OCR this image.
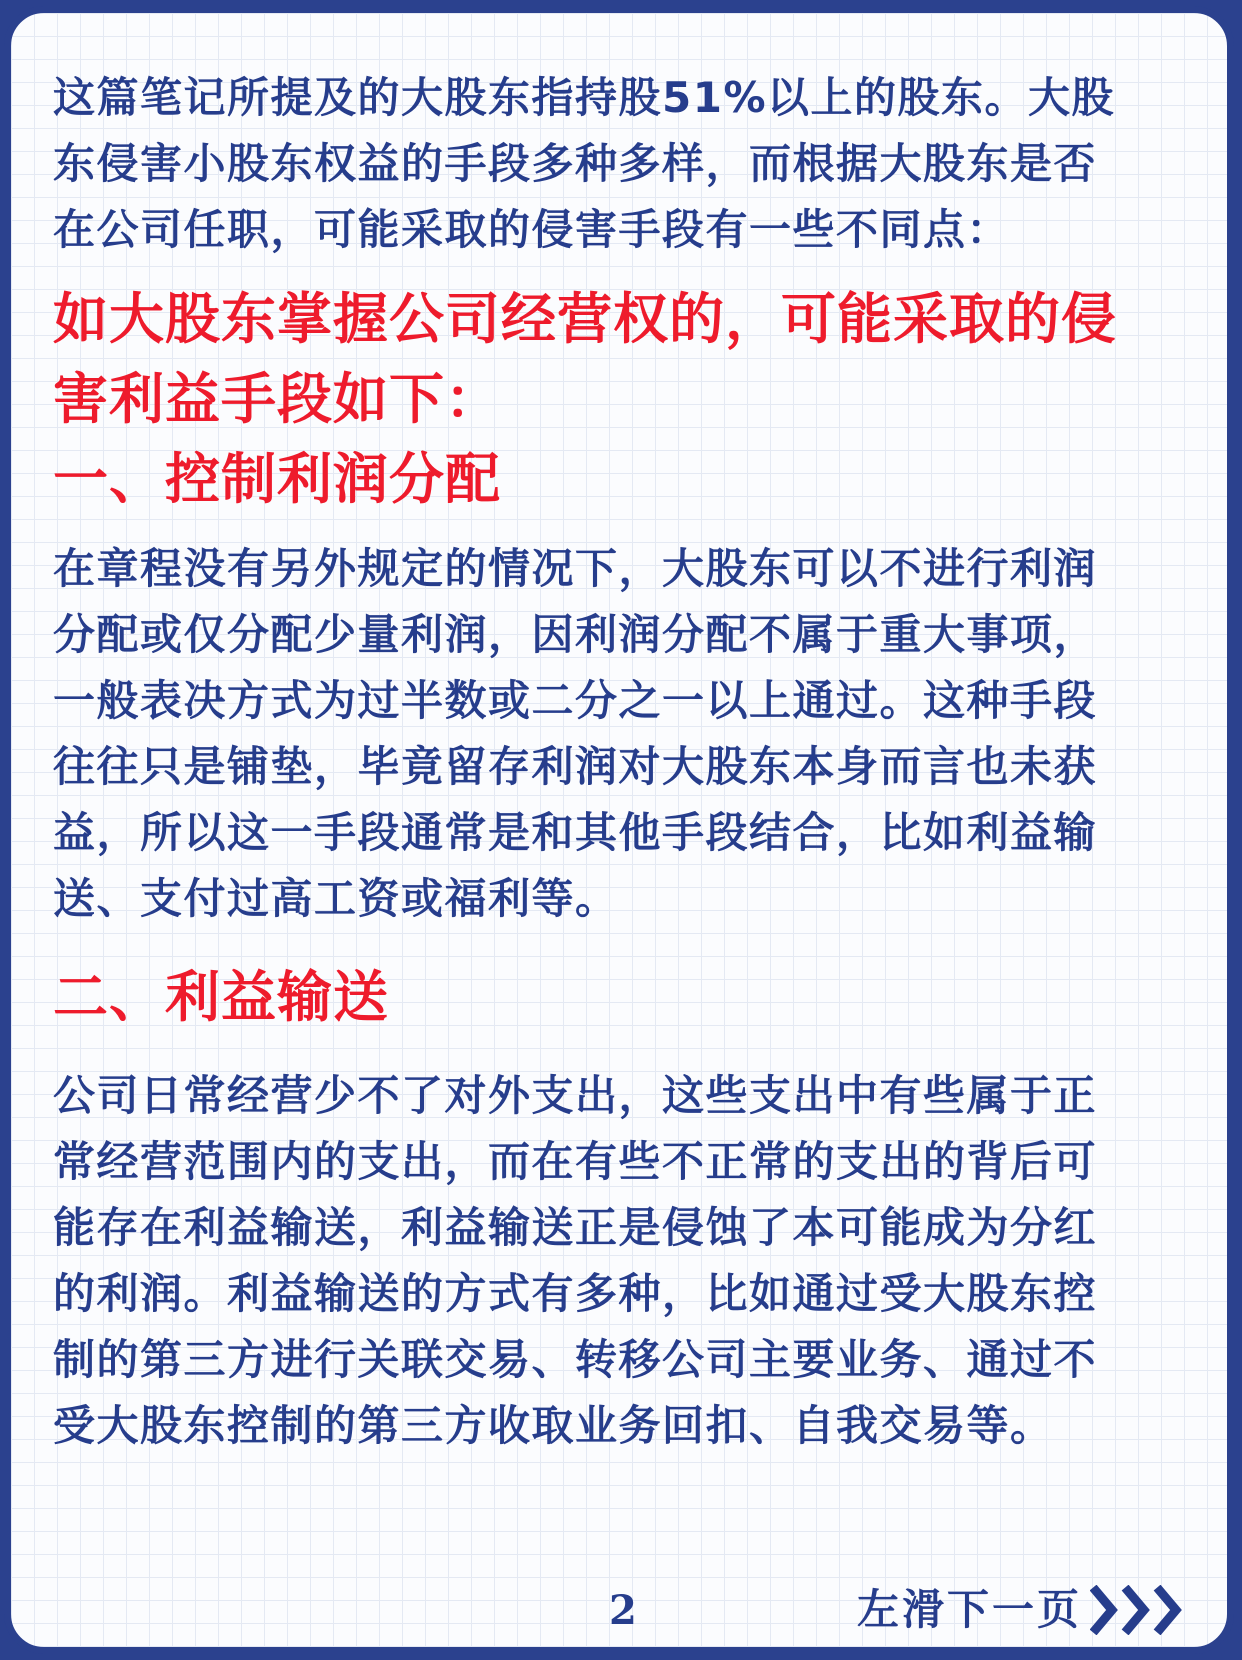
这篇笔记所提及的大股东指持股51%以上的股东。大股
东侵害小股东权益的手段多种多样，而根据大股东是否
在公司任职，可能采取的侵害手段有一些不同点：

如大股东掌握公司经营权的，可能采取的侵
害利益手段如下：

一、控制利润分配

在章程没有另外规定的情况下，大股东可以不进行利润
分配或仅分配少量利润，因利润分配不属于重大事项，
一般表决方式为过半数或二分之一以上通过。这种手段
往往只是铺垫，毕竟留存利润对大股东本身而言也未获
益，所以这一手段通常是和其他手段结合，比如利益输
送、支付过高工资或福利等。

二、利益输送

公司日常经营少不了对外支出，这些支出中有些属于正
常经营范围内的支出，而在有些不正常的支出的背后可
能存在利益输送，利益输送正是侵蚀了本可能成为分红
的利润。利益输送的方式有多种，比如通过受大股东控
制的第三方进行关联交易、转移公司主要业务、通过不
受大股东控制的第三方收取业务回扣、自我交易等。

2	左滑下一页
